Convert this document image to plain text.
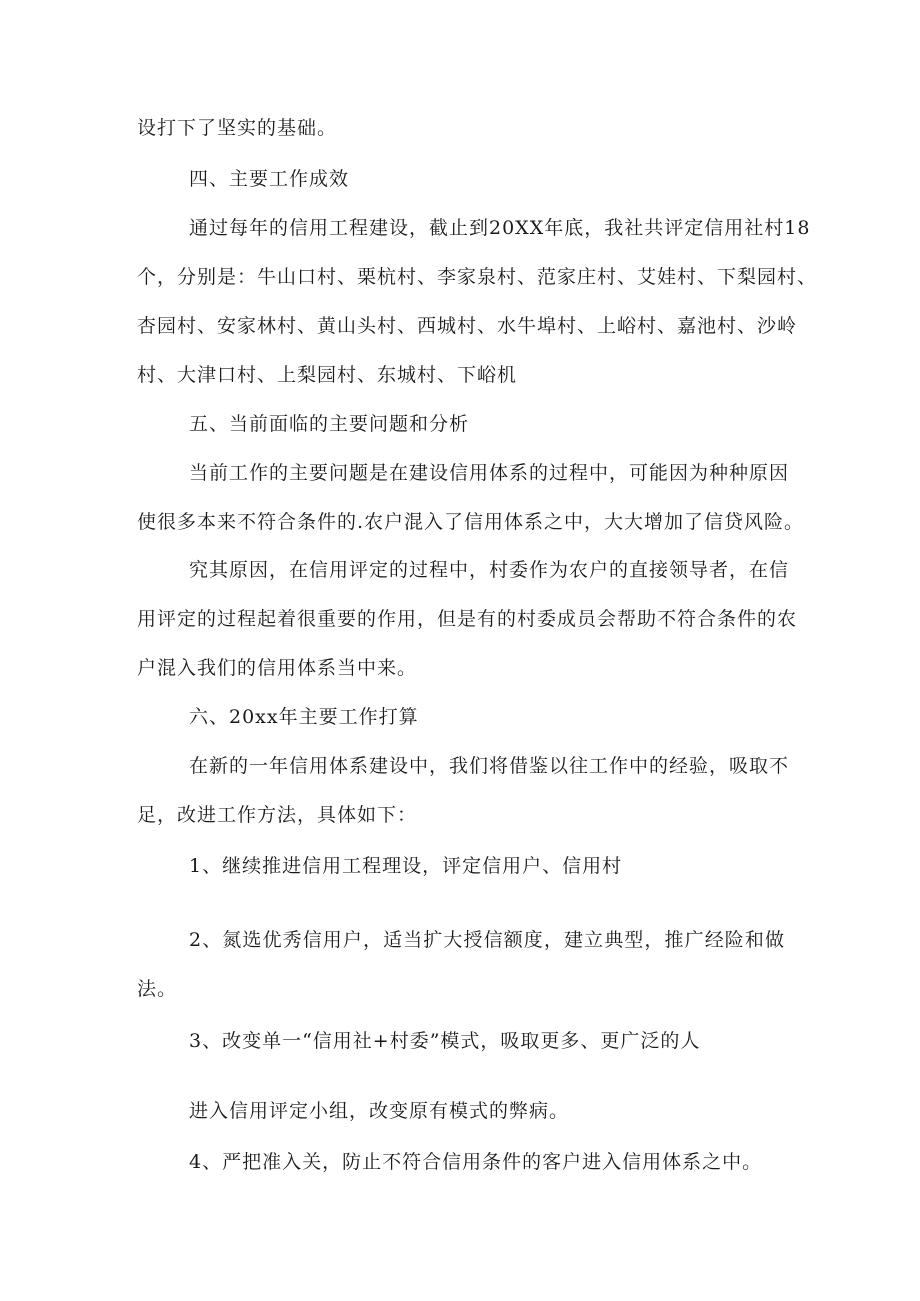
设打下了坚实的基础。
四、主要工作成效
通过每年的信用工程建设，截止到20XX年底，我社共评定信用社村18
个，分别是：牛山口村、栗杭村、李家泉村、范家庄村、艾娃村、下梨园村、
杏园村、安家林村、黄山头村、西城村、水牛埠村、上峪村、嘉池村、沙岭
村、大津口村、上梨园村、东城村、下峪机
五、当前面临的主要问题和分析
当前工作的主要问题是在建设信用体系的过程中，可能因为种种原因
使很多本来不符合条件的.农户混入了信用体系之中，大大增加了信贷风险。
究其原因，在信用评定的过程中，村委作为农户的直接领导者，在信
用评定的过程起着很重要的作用，但是有的村委成员会帮助不符合条件的农
户混入我们的信用体系当中来。
六、20xx年主要工作打算
在新的一年信用体系建设中，我们将借鉴以往工作中的经验，吸取不
足，改进工作方法，具体如下：
1、继续推进信用工程理设，评定信用户、信用村
2、氮选优秀信用户，适当扩大授信额度，建立典型，推广经险和做
法。
3、改变单一“信用社+村委”模式，吸取更多、更广泛的人
进入信用评定小组，改变原有模式的弊病。
4、严把准入关，防止不符合信用条件的客户进入信用体系之中。
